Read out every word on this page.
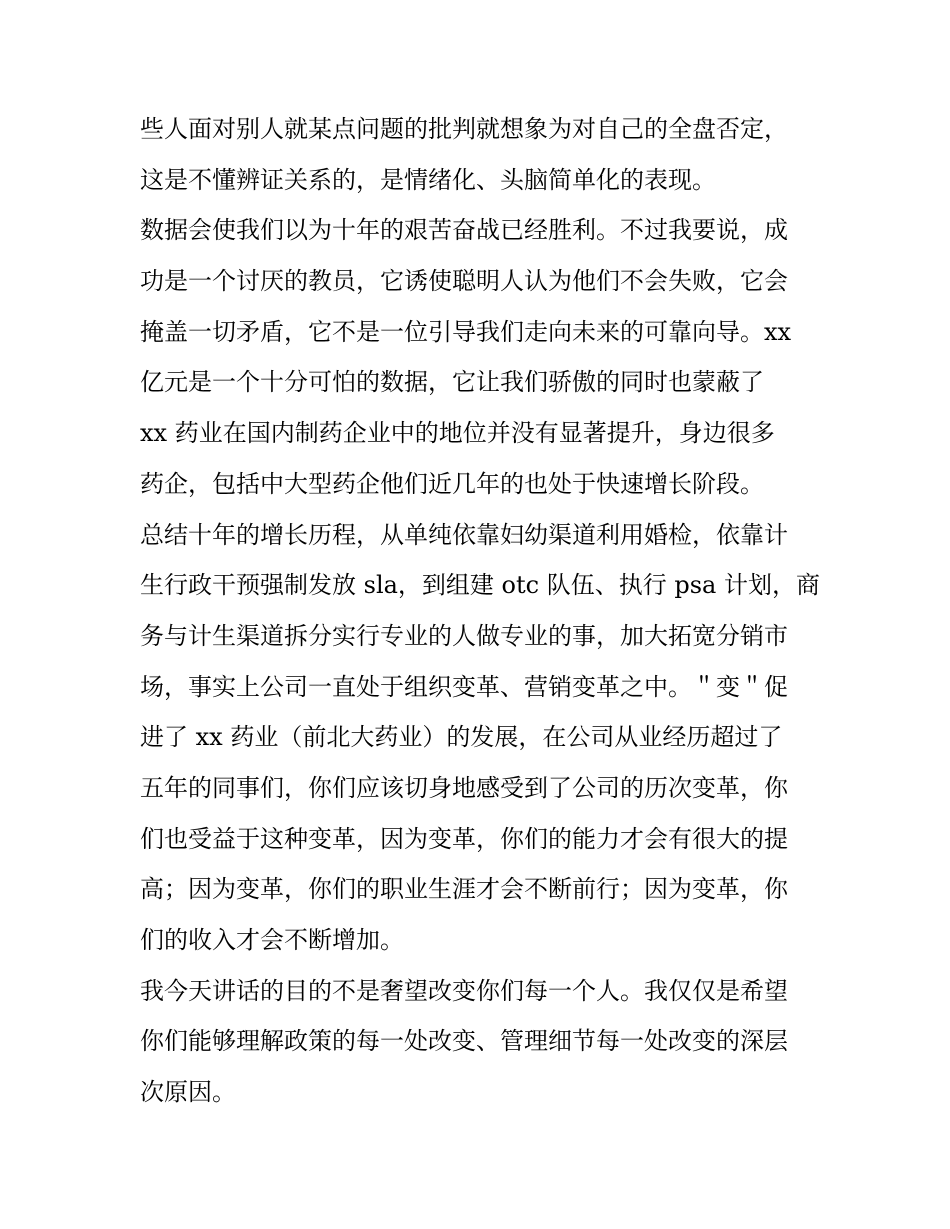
些人面对别人就某点问题的批判就想象为对自己的全盘否定，
这是不懂辨证关系的，是情绪化、头脑简单化的表现。
数据会使我们以为十年的艰苦奋战已经胜利。不过我要说，成
功是一个讨厌的教员，它诱使聪明人认为他们不会失败，它会
掩盖一切矛盾，它不是一位引导我们走向未来的可靠向导。xx
亿元是一个十分可怕的数据，它让我们骄傲的同时也蒙蔽了
xx 药业在国内制药企业中的地位并没有显著提升，身边很多
药企，包括中大型药企他们近几年的也处于快速增长阶段。
总结十年的增长历程，从单纯依靠妇幼渠道利用婚检，依靠计
生行政干预强制发放 sla，到组建 otc 队伍、执行 psa 计划，商
务与计生渠道拆分实行专业的人做专业的事，加大拓宽分销市
场，事实上公司一直处于组织变革、营销变革之中。＂变＂促
进了 xx 药业（前北大药业）的发展，在公司从业经历超过了
五年的同事们，你们应该切身地感受到了公司的历次变革，你
们也受益于这种变革，因为变革，你们的能力才会有很大的提
高；因为变革，你们的职业生涯才会不断前行；因为变革，你
们的收入才会不断增加。
我今天讲话的目的不是奢望改变你们每一个人。我仅仅是希望
你们能够理解政策的每一处改变、管理细节每一处改变的深层
次原因。
